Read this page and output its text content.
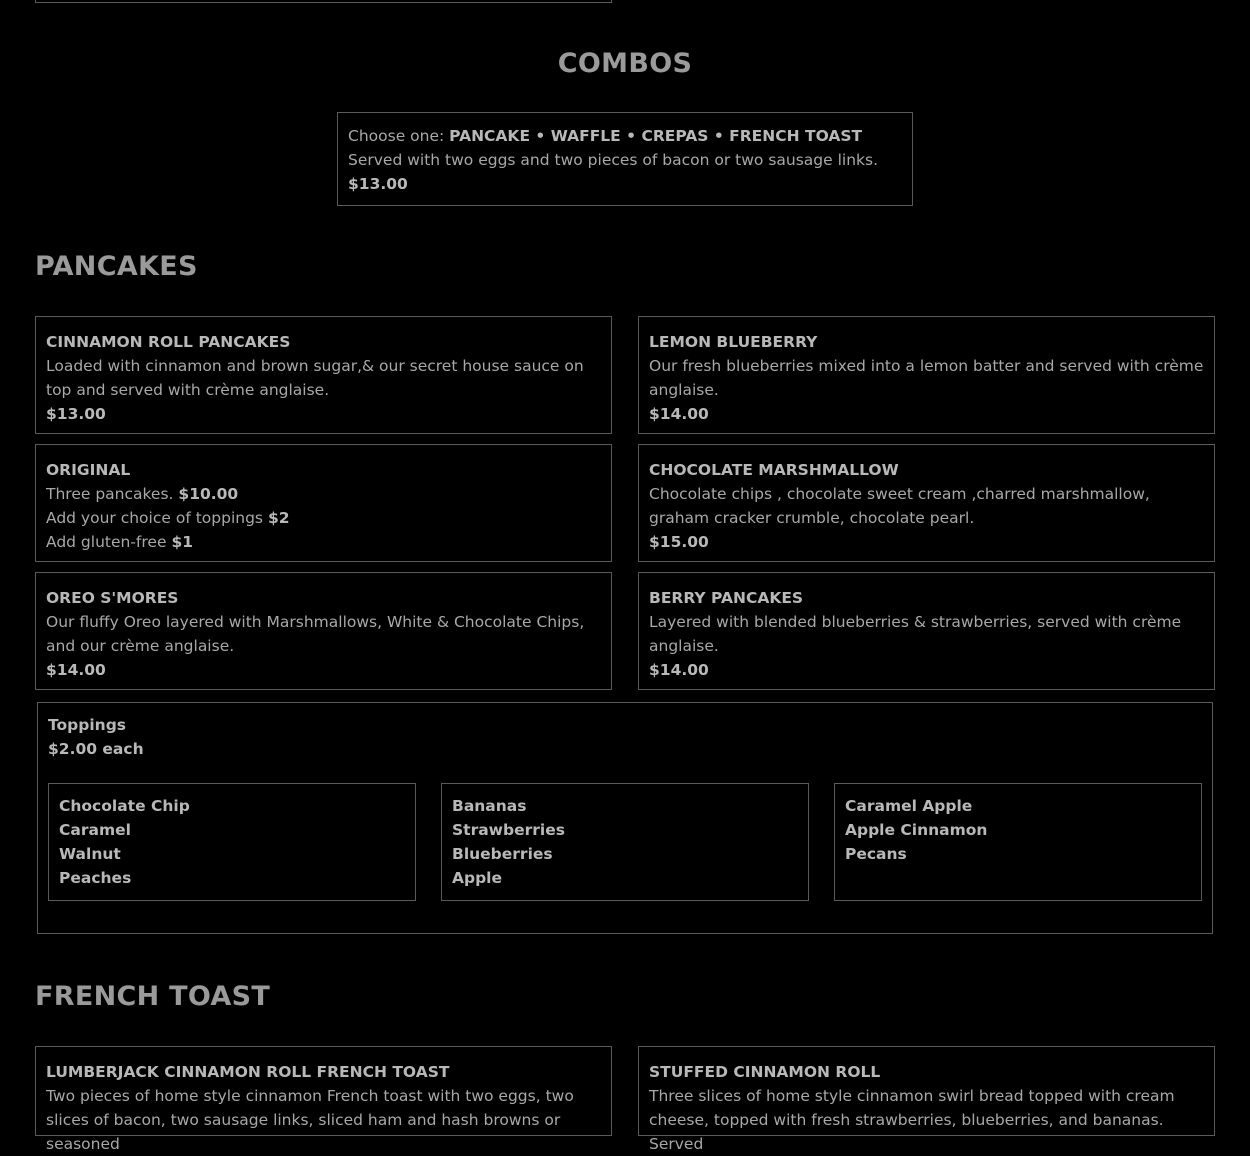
COMBOS
Choose one: PANCAKE • WAFFLE • CREPAS • FRENCH TOAST
Served with two eggs and two pieces of bacon or two sausage links.
$13.00
PANCAKES
CINNAMON ROLL PANCAKES
Loaded with cinnamon and brown sugar,& our secret house sauce on top and served with crème anglaise.
$13.00
LEMON BLUEBERRY
Our fresh blueberries mixed into a lemon batter and served with crème anglaise.
$14.00
ORIGINAL
Three pancakes. $10.00
Add your choice of toppings $2
Add gluten-free $1
CHOCOLATE MARSHMALLOW
Chocolate chips , chocolate sweet cream ,charred marshmallow, graham cracker crumble, chocolate pearl.
$15.00
OREO S'MORES
Our fluffy Oreo layered with Marshmallows, White & Chocolate Chips, and our crème anglaise.
$14.00
BERRY PANCAKES
Layered with blended blueberries & strawberries, served with crème anglaise.
$14.00
Toppings
$2.00 each
Chocolate Chip
Caramel
Walnut
Peaches
Bananas
Strawberries
Blueberries
Apple
Caramel Apple
Apple Cinnamon
Pecans
FRENCH TOAST
LUMBERJACK CINNAMON ROLL FRENCH TOAST
Two pieces of home style cinnamon French toast with two eggs, two slices of bacon, two sausage links, sliced ham and hash browns or seasoned
STUFFED CINNAMON ROLL
Three slices of home style cinnamon swirl bread topped with cream cheese, topped with fresh strawberries, blueberries, and bananas. Served
